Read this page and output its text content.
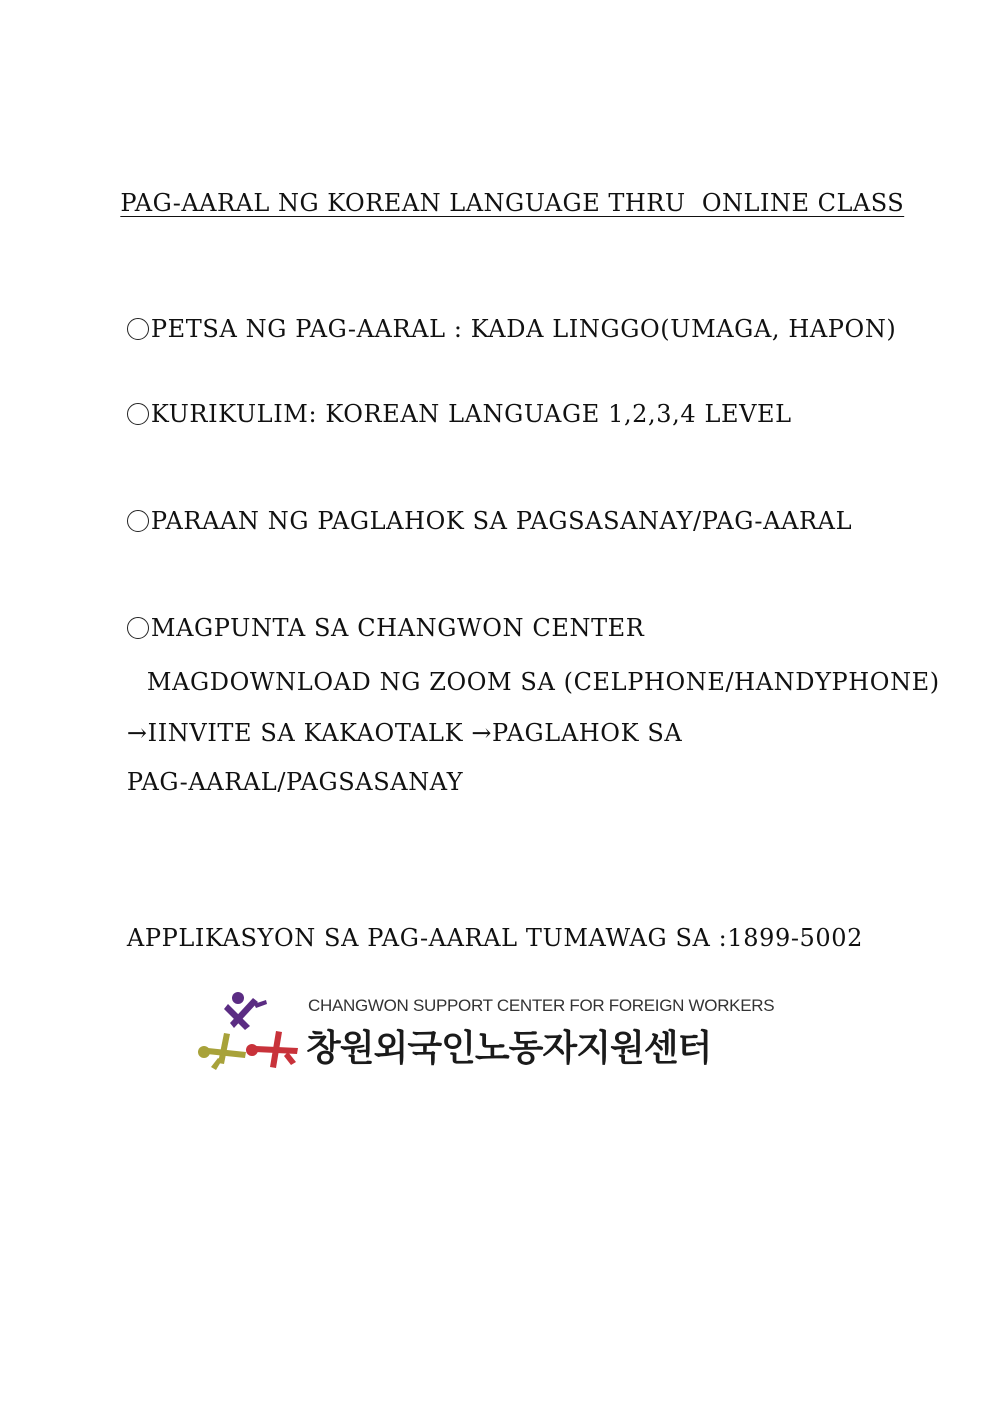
PAG-AARAL NG KOREAN LANGUAGE THRU  ONLINE CLASS

PETSA NG PAG-AARAL : KADA LINGGO(UMAGA, HAPON)

KURIKULIM: KOREAN LANGUAGE 1,2,3,4 LEVEL

PARAAN NG PAGLAHOK SA PAGSASANAY/PAG-AARAL

MAGPUNTA SA CHANGWON CENTER

MAGDOWNLOAD NG ZOOM SA (CELPHONE/HANDYPHONE)

→IINVITE SA KAKAOTALK →PAGLAHOK SA

PAG-AARAL/PAGSASANAY

APPLIKASYON SA PAG-AARAL TUMAWAG SA :1899-5002

CHANGWON SUPPORT CENTER FOR FOREIGN WORKERS
창원외국인노동자지원센터
